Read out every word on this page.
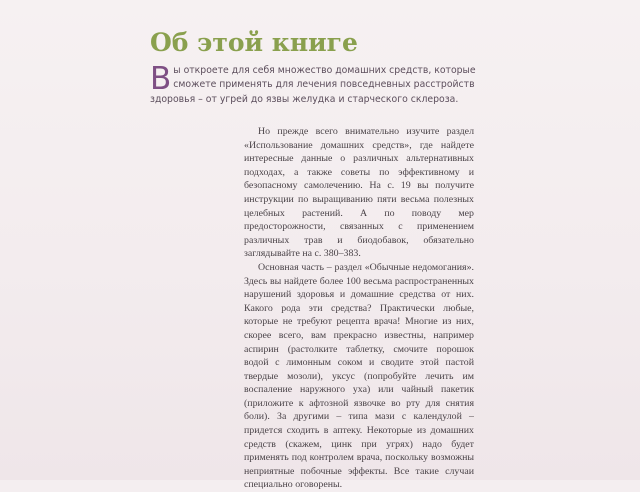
Об этой книге
Вы откроете для себя множество домашних средств, которые сможете применять для лечения повседневных расстройств здоровья – от угрей до язвы желудка и старческого склероза.

Но прежде всего внимательно изучите раздел «Использование домашних средств», где найдете интересные данные о различных альтернативных подходах, а также советы по эффективному и безопасному самолечению. На с. 19 вы получите инструкции по выращиванию пяти весьма полезных целебных растений. А по поводу мер предосторожности, связанных с применением различных трав и биодобавок, обязательно заглядывайте на с. 380–383.

Основная часть – раздел «Обычные недомогания». Здесь вы найдете более 100 весьма распространенных нарушений здоровья и домашние средства от них. Какого рода эти средства? Практически любые, которые не требуют рецепта врача! Многие из них, скорее всего, вам прекрасно известны, например аспирин (растолките таблетку, смочите порошок водой с лимонным соком и сводите этой пастой твердые мозоли), уксус (попробуйте лечить им воспаление наружного уха) или чайный пакетик (приложите к афтозной язвочке во рту для снятия боли). За другими – типа мази с календулой – придется сходить в аптеку. Некоторые из домашних средств (скажем, цинк при угрях) надо будет применять под контролем врача, поскольку возможны неприятные побочные эффекты. Все такие случаи специально оговорены.
